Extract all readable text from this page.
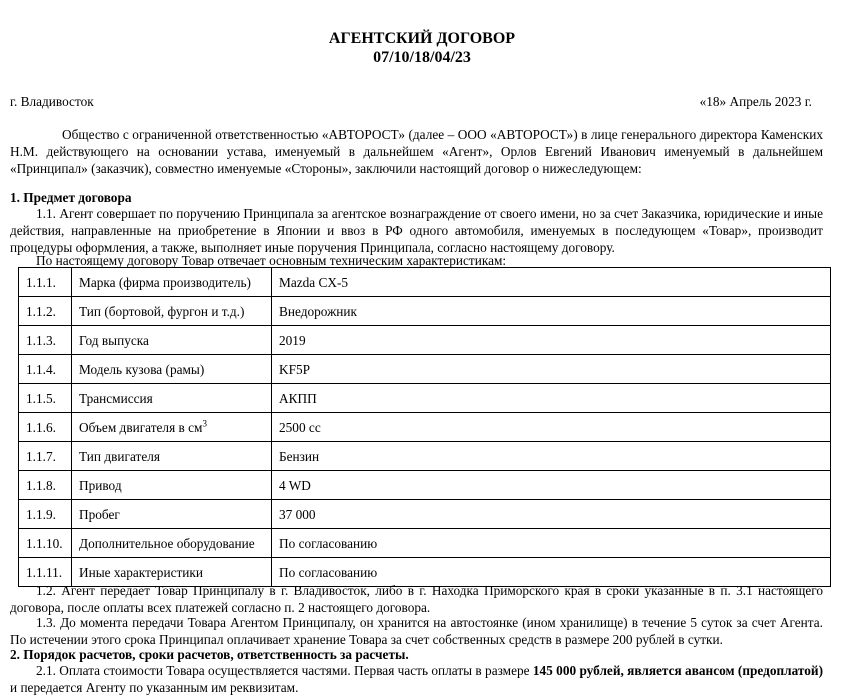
АГЕНТСКИЙ ДОГОВОР
07/10/18/04/23
г. Владивосток	«18» Апрель 2023 г.
Общество с ограниченной ответственностью «АВТОРОСТ» (далее – ООО «АВТОРОСТ») в лице генерального директора Каменских Н.М. действующего на основании устава, именуемый в дальнейшем «Агент», Орлов Евгений Иванович именуемый в дальнейшем «Принципал» (заказчик), совместно именуемые «Стороны», заключили настоящий договор о нижеследующем:
1. Предмет договора
1.1. Агент совершает по поручению Принципала за агентское вознаграждение от своего имени, но за счет Заказчика, юридические и иные действия, направленные на приобретение в Японии и ввоз в РФ одного автомобиля, именуемых в последующем «Товар», производит процедуры оформления, а также, выполняет иные поручения Принципала, согласно настоящему договору.
По настоящему договору Товар отвечает основным техническим характеристикам:
1.1.1.	Марка (фирма производитель)	Mazda CX-5
1.1.2.	Тип (бортовой, фургон и т.д.)	Внедорожник
1.1.3.	Год выпуска	2019
1.1.4.	Модель кузова (рамы)	KF5P
1.1.5.	Трансмиссия	АКПП
1.1.6.	Объем двигателя в $см^3$	2500 cc
1.1.7.	Тип двигателя	Бензин
1.1.8.	Привод	4 WD
1.1.9.	Пробег	37 000
1.1.10.	Дополнительное оборудование	По согласованию
1.1.11.	Иные характеристики	По согласованию
1.2. Агент передает Товар Принципалу в г. Владивосток, либо в г. Находка Приморского края в сроки указанные в п. 3.1 настоящего договора, после оплаты всех платежей согласно п. 2 настоящего договора.
1.3. До момента передачи Товара Агентом Принципалу, он хранится на автостоянке (ином хранилище) в течение 5 суток за счет Агента. По истечении этого срока Принципал оплачивает хранение Товара за счет собственных средств в размере 200 рублей в сутки.
2. Порядок расчетов, сроки расчетов, ответственность за расчеты.
2.1. Оплата стоимости Товара осуществляется частями. Первая часть оплаты в размере 145 000 рублей, является авансом (предоплатой) и передается Агенту по указанным им реквизитам.
